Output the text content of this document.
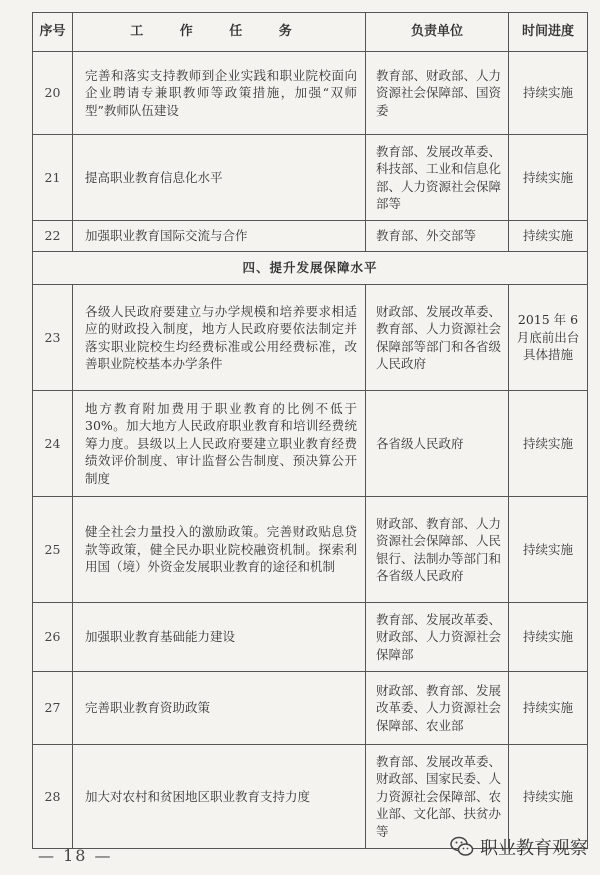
序号	工 作 任 务	负责单位	时间进度
20	完善和落实支持教师到企业实践和职业院校面向企业聘请专兼职教师等政策措施，加强“双师型”教师队伍建设	教育部、财政部、人力资源社会保障部、国资委	持续实施
21	提高职业教育信息化水平	教育部、发展改革委、科技部、工业和信息化部、人力资源社会保障部等	持续实施
22	加强职业教育国际交流与合作	教育部、外交部等	持续实施
四、提升发展保障水平			
23	各级人民政府要建立与办学规模和培养要求相适应的财政投入制度，地方人民政府要依法制定并落实职业院校生均经费标准或公用经费标准，改善职业院校基本办学条件	财政部、发展改革委、教育部、人力资源社会保障部等部门和各省级人民政府	2015 年 6 月底前出台具体措施
24	地方教育附加费用于职业教育的比例不低于30%。加大地方人民政府职业教育和培训经费统筹力度。县级以上人民政府要建立职业教育经费绩效评价制度、审计监督公告制度、预决算公开制度	各省级人民政府	持续实施
25	健全社会力量投入的激励政策。完善财政贴息贷款等政策，健全民办职业院校融资机制。探索利用国（境）外资金发展职业教育的途径和机制	财政部、教育部、人力资源社会保障部、人民银行、法制办等部门和各省级人民政府	持续实施
26	加强职业教育基础能力建设	教育部、发展改革委、财政部、人力资源社会保障部	持续实施
27	完善职业教育资助政策	财政部、教育部、发展改革委、人力资源社会保障部、农业部	持续实施
28	加大对农村和贫困地区职业教育支持力度	教育部、发展改革委、财政部、国家民委、人力资源社会保障部、农业部、文化部、扶贫办等	持续实施
— 18 —	职业教育观察
